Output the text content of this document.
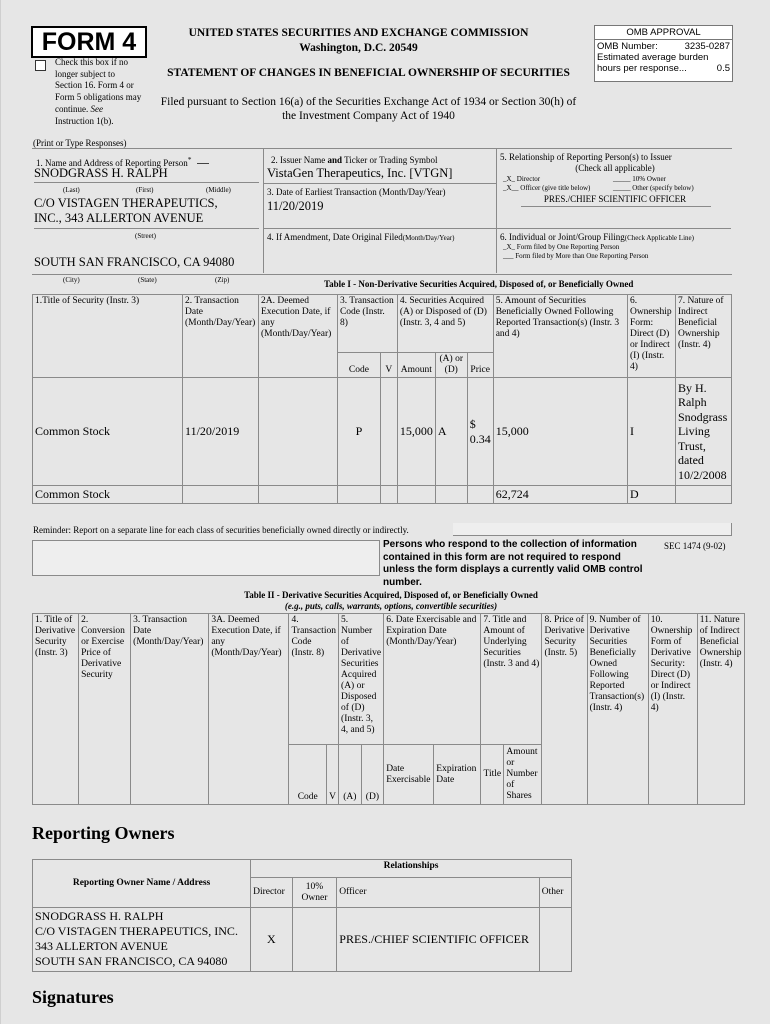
FORM 4
Check this box if no longer subject to Section 16. Form 4 or Form 5 obligations may continue. See Instruction 1(b).
UNITED STATES SECURITIES AND EXCHANGE COMMISSION
Washington, D.C. 20549
STATEMENT OF CHANGES IN BENEFICIAL OWNERSHIP OF SECURITIES
Filed pursuant to Section 16(a) of the Securities Exchange Act of 1934 or Section 30(h) of
the Investment Company Act of 1940
OMB APPROVAL
OMB Number:	3235-0287
Estimated average burden
hours per response...	0.5
(Print or Type Responses)
1. Name and Address of Reporting Person*
SNODGRASS H. RALPH
(Last)	(First)	(Middle)
C/O VISTAGEN THERAPEUTICS,
INC., 343 ALLERTON AVENUE
(Street)
SOUTH SAN FRANCISCO, CA 94080
(City)	(State)	(Zip)
2. Issuer Name and Ticker or Trading Symbol
VistaGen Therapeutics, Inc. [VTGN]
3. Date of Earliest Transaction (Month/Day/Year)
11/20/2019
4. If Amendment, Date Original Filed(Month/Day/Year)
5. Relationship of Reporting Person(s) to Issuer
(Check all applicable)
_X_ Director	_____ 10% Owner
_X__ Officer (give title below)	_____ Other (specify below)
PRES./CHIEF SCIENTIFIC OFFICER
6. Individual or Joint/Group Filing(Check Applicable Line)
_X_ Form filed by One Reporting Person
___ Form filed by More than One Reporting Person
Table I - Non-Derivative Securities Acquired, Disposed of, or Beneficially Owned
1.Title of Security (Instr. 3)	2. Transaction Date (Month/Day/Year)	2A. Deemed Execution Date, if any (Month/Day/Year)	3. Transaction Code (Instr. 8)		4. Securities Acquired (A) or Disposed of (D) (Instr. 3, 4 and 5)			5. Amount of Securities Beneficially Owned Following Reported Transaction(s) (Instr. 3 and 4)	6. Ownership Form: Direct (D) or Indirect (I) (Instr. 4)	7. Nature of Indirect Beneficial Ownership (Instr. 4)
			Code	V	Amount	(A) or (D)	Price			
Common Stock	11/20/2019		P		15,000	A	$ 0.34	15,000	I	By H. Ralph Snodgrass Living Trust, dated 10/2/2008
Common Stock								62,724	D	
Reminder: Report on a separate line for each class of securities beneficially owned directly or indirectly.
Persons who respond to the collection of information contained in this form are not required to respond unless the form displays a currently valid OMB control number.
SEC 1474 (9-02)
Table II - Derivative Securities Acquired, Disposed of, or Beneficially Owned
(e.g., puts, calls, warrants, options, convertible securities)
1. Title of Derivative Security (Instr. 3)	2. Conversion or Exercise Price of Derivative Security	3. Transaction Date (Month/Day/Year)	3A. Deemed Execution Date, if any (Month/Day/Year)	4. Transaction Code (Instr. 8)		5. Number of Derivative Securities Acquired (A) or Disposed of (D) (Instr. 3, 4, and 5)		6. Date Exercisable and Expiration Date (Month/Day/Year)		7. Title and Amount of Underlying Securities (Instr. 3 and 4)		8. Price of Derivative Security (Instr. 5)	9. Number of Derivative Securities Beneficially Owned Following Reported Transaction(s) (Instr. 4)	10. Ownership Form of Derivative Security: Direct (D) or Indirect (I) (Instr. 4)	11. Nature of Indirect Beneficial Ownership (Instr. 4)
				Code	V	(A)	(D)	Date Exercisable	Expiration Date	Title	Amount or Number of Shares				
Reporting Owners
Reporting Owner Name / Address	Relationships			
	Director	10% Owner	Officer	Other

SNODGRASS H. RALPH
C/O VISTAGEN THERAPEUTICS, INC.
343 ALLERTON AVENUE
SOUTH SAN FRANCISCO, CA 94080	X		PRES./CHIEF SCIENTIFIC OFFICER	
Signatures
